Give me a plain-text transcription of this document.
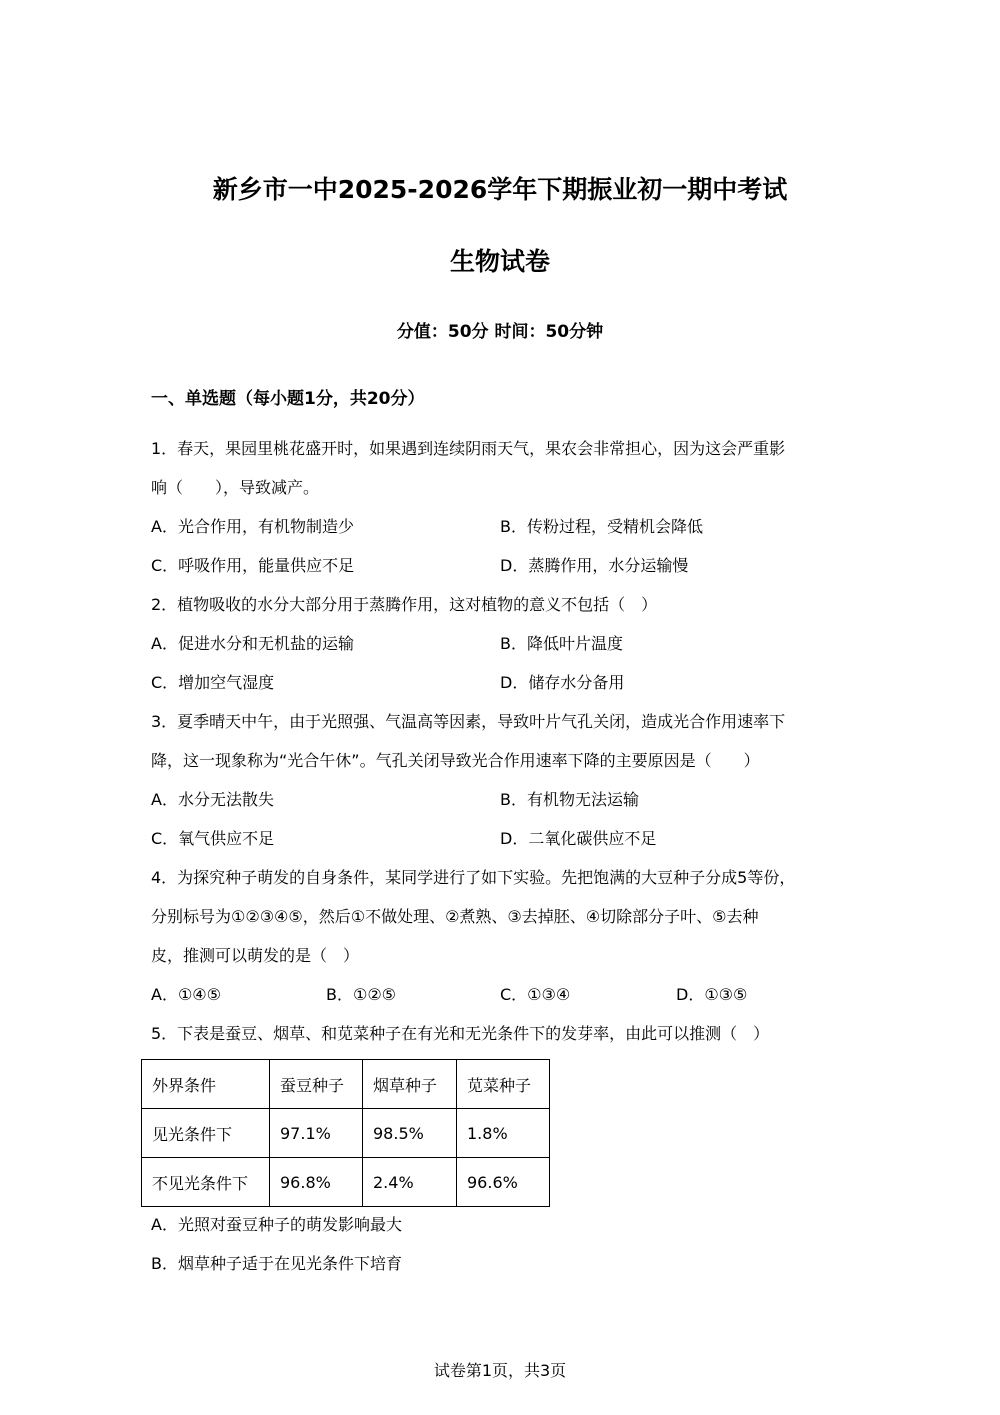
新乡市一中2025-2026学年下期振业初一期中考试
生物试卷
分值：50分 时间：50分钟
一、单选题（每小题1分，共20分）
1．春天，果园里桃花盛开时，如果遇到连续阴雨天气，果农会非常担心，因为这会严重影
响（　　），导致减产。
A．光合作用，有机物制造少	B．传粉过程，受精机会降低
C．呼吸作用，能量供应不足	D．蒸腾作用，水分运输慢
2．植物吸收的水分大部分用于蒸腾作用，这对植物的意义不包括（　）
A．促进水分和无机盐的运输	B．降低叶片温度
C．增加空气湿度	D．储存水分备用
3．夏季晴天中午，由于光照强、气温高等因素，导致叶片气孔关闭，造成光合作用速率下
降，这一现象称为“光合午休”。气孔关闭导致光合作用速率下降的主要原因是（　　）
A．水分无法散失	B．有机物无法运输
C．氧气供应不足	D．二氧化碳供应不足
4．为探究种子萌发的自身条件，某同学进行了如下实验。先把饱满的大豆种子分成5等份，
分别标号为①②③④⑤，然后①不做处理、②煮熟、③去掉胚、④切除部分子叶、⑤去种
皮，推测可以萌发的是（　）
A．①④⑤	B．①②⑤	C．①③④	D．①③⑤
5．下表是蚕豆、烟草、和苋菜种子在有光和无光条件下的发芽率，由此可以推测（　）
外界条件	蚕豆种子	烟草种子	苋菜种子
见光条件下	97.1%	98.5%	1.8%
不见光条件下	96.8%	2.4%	96.6%
A．光照对蚕豆种子的萌发影响最大
B．烟草种子适于在见光条件下培育
试卷第1页，共3页
